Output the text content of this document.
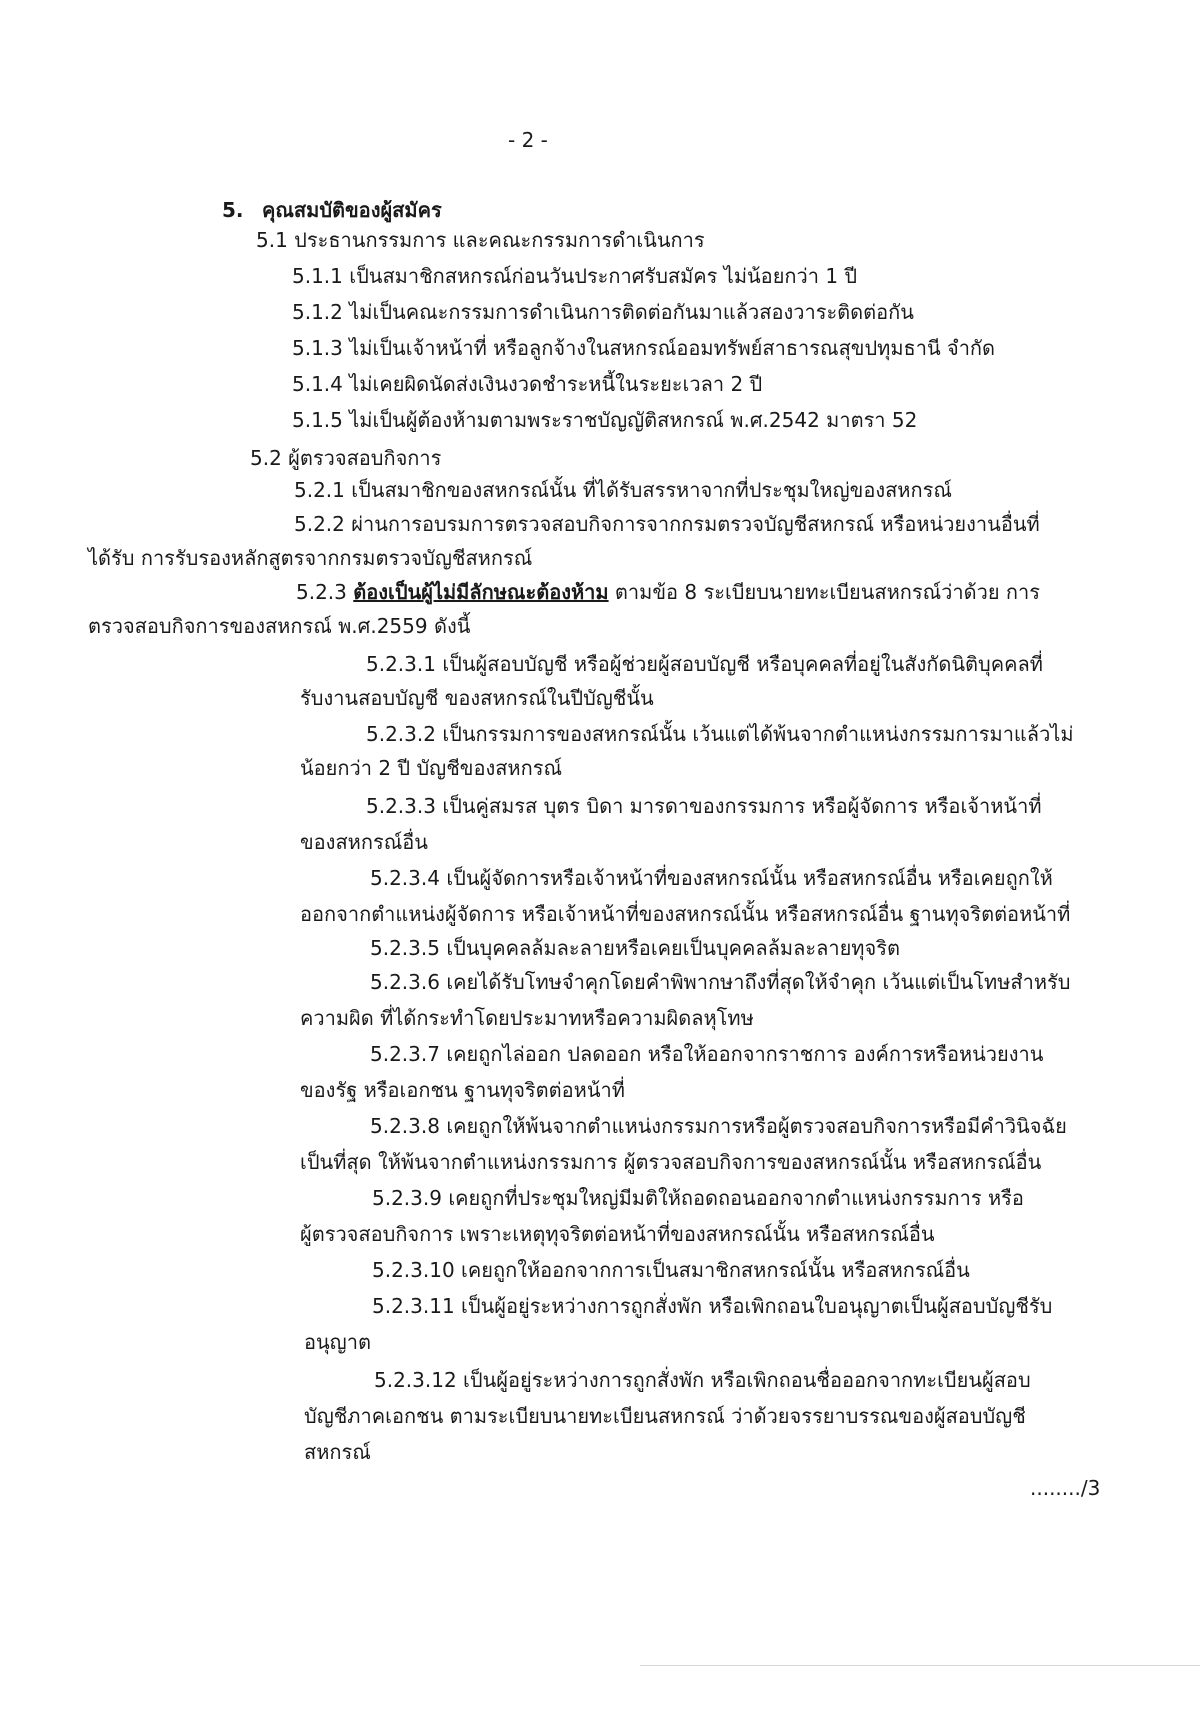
- 2 -
5. คุณสมบัติของผู้สมัคร
5.1 ประธานกรรมการ และคณะกรรมการดำเนินการ
5.1.1 เป็นสมาชิกสหกรณ์ก่อนวันประกาศรับสมัคร ไม่น้อยกว่า 1 ปี
5.1.2 ไม่เป็นคณะกรรมการดำเนินการติดต่อกันมาแล้วสองวาระติดต่อกัน
5.1.3 ไม่เป็นเจ้าหน้าที่ หรือลูกจ้างในสหกรณ์ออมทรัพย์สาธารณสุขปทุมธานี จำกัด
5.1.4 ไม่เคยผิดนัดส่งเงินงวดชำระหนี้ในระยะเวลา 2 ปี
5.1.5 ไม่เป็นผู้ต้องห้ามตามพระราชบัญญัติสหกรณ์ พ.ศ.2542 มาตรา 52
5.2 ผู้ตรวจสอบกิจการ
5.2.1 เป็นสมาชิกของสหกรณ์นั้น ที่ได้รับสรรหาจากที่ประชุมใหญ่ของสหกรณ์
5.2.2 ผ่านการอบรมการตรวจสอบกิจการจากกรมตรวจบัญชีสหกรณ์ หรือหน่วยงานอื่นที่
ได้รับ การรับรองหลักสูตรจากกรมตรวจบัญชีสหกรณ์
5.2.3 ต้องเป็นผู้ไม่มีลักษณะต้องห้าม ตามข้อ 8 ระเบียบนายทะเบียนสหกรณ์ว่าด้วย การ
ตรวจสอบกิจการของสหกรณ์ พ.ศ.2559 ดังนี้
5.2.3.1 เป็นผู้สอบบัญชี หรือผู้ช่วยผู้สอบบัญชี หรือบุคคลที่อยู่ในสังกัดนิติบุคคลที่
รับงานสอบบัญชี ของสหกรณ์ในปีบัญชีนั้น
5.2.3.2 เป็นกรรมการของสหกรณ์นั้น เว้นแต่ได้พ้นจากตำแหน่งกรรมการมาแล้วไม่
น้อยกว่า 2 ปี บัญชีของสหกรณ์
5.2.3.3 เป็นคู่สมรส บุตร บิดา มารดาของกรรมการ หรือผู้จัดการ หรือเจ้าหน้าที่
ของสหกรณ์อื่น
5.2.3.4 เป็นผู้จัดการหรือเจ้าหน้าที่ของสหกรณ์นั้น หรือสหกรณ์อื่น หรือเคยถูกให้
ออกจากตำแหน่งผู้จัดการ หรือเจ้าหน้าที่ของสหกรณ์นั้น หรือสหกรณ์อื่น ฐานทุจริตต่อหน้าที่
5.2.3.5 เป็นบุคคลล้มละลายหรือเคยเป็นบุคคลล้มละลายทุจริต
5.2.3.6 เคยได้รับโทษจำคุกโดยคำพิพากษาถึงที่สุดให้จำคุก เว้นแต่เป็นโทษสำหรับ
ความผิด ที่ได้กระทำโดยประมาทหรือความผิดลหุโทษ
5.2.3.7 เคยถูกไล่ออก ปลดออก หรือให้ออกจากราชการ องค์การหรือหน่วยงาน
ของรัฐ หรือเอกชน ฐานทุจริตต่อหน้าที่
5.2.3.8 เคยถูกให้พ้นจากตำแหน่งกรรมการหรือผู้ตรวจสอบกิจการหรือมีคำวินิจฉัย
เป็นที่สุด ให้พ้นจากตำแหน่งกรรมการ ผู้ตรวจสอบกิจการของสหกรณ์นั้น หรือสหกรณ์อื่น
5.2.3.9 เคยถูกที่ประชุมใหญ่มีมติให้ถอดถอนออกจากตำแหน่งกรรมการ หรือ
ผู้ตรวจสอบกิจการ เพราะเหตุทุจริตต่อหน้าที่ของสหกรณ์นั้น หรือสหกรณ์อื่น
5.2.3.10 เคยถูกให้ออกจากการเป็นสมาชิกสหกรณ์นั้น หรือสหกรณ์อื่น
5.2.3.11 เป็นผู้อยู่ระหว่างการถูกสั่งพัก หรือเพิกถอนใบอนุญาตเป็นผู้สอบบัญชีรับ
อนุญาต
5.2.3.12 เป็นผู้อยู่ระหว่างการถูกสั่งพัก หรือเพิกถอนชื่อออกจากทะเบียนผู้สอบ
บัญชีภาคเอกชน ตามระเบียบนายทะเบียนสหกรณ์ ว่าด้วยจรรยาบรรณของผู้สอบบัญชี
สหกรณ์
......../3
